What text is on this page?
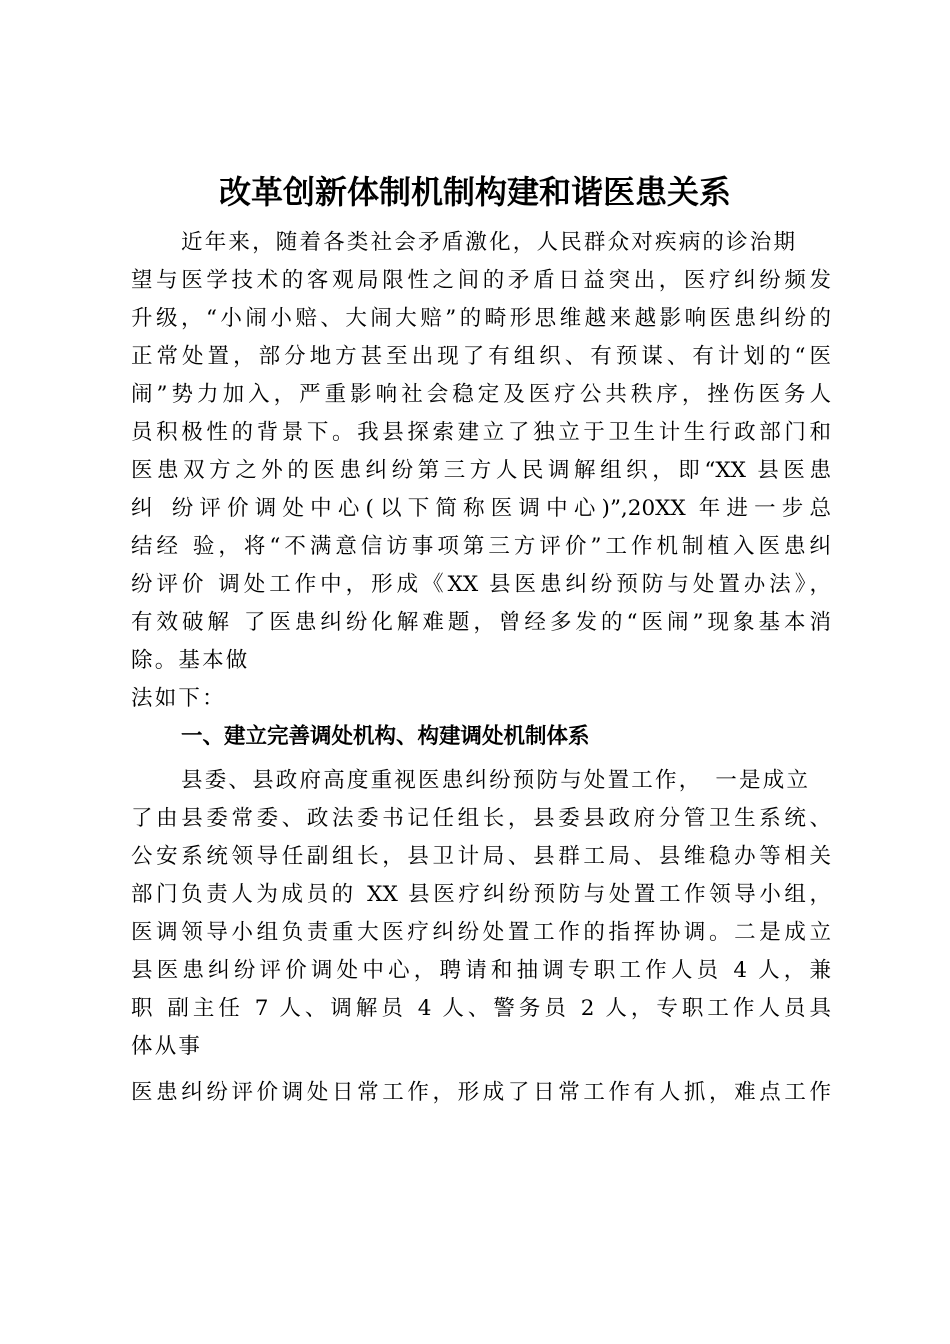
改革创新体制机制构建和谐医患关系

近年来，随着各类社会矛盾激化，人民群众对疾病的诊治期

望与医学技术的客观局限性之间的矛盾日益突出，医疗纠纷频发

升级，“小闹小赔、大闹大赔”的畸形思维越来越影响医患纠纷的

正常处置，部分地方甚至出现了有组织、有预谋、有计划的“医

闹”势力加入，严重影响社会稳定及医疗公共秩序，挫伤医务人

员积极性的背景下。我县探索建立了独立于卫生计生行政部门和

医患双方之外的医患纠纷第三方人民调解组织，即“XX 县医患

纠 纷评价调处中心(以下简称医调中心)”,20XX 年进一步总

结经 验，将“不满意信访事项第三方评价”工作机制植入医患纠

纷评价 调处工作中，形成《XX 县医患纠纷预防与处置办法》，

有效破解 了医患纠纷化解难题，曾经多发的“医闹”现象基本消

除。基本做

法如下：

一、建立完善调处机构、构建调处机制体系

县委、县政府高度重视医患纠纷预防与处置工作，　一是成立

了由县委常委、政法委书记任组长，县委县政府分管卫生系统、

公安系统领导任副组长，县卫计局、县群工局、县维稳办等相关

部门负责人为成员的 XX 县医疗纠纷预防与处置工作领导小组，

医调领导小组负责重大医疗纠纷处置工作的指挥协调。二是成立

县医患纠纷评价调处中心，聘请和抽调专职工作人员 4 人，兼

职 副主任 7 人、调解员 4 人、警务员 2 人，专职工作人员具

体从事

医患纠纷评价调处日常工作，形成了日常工作有人抓，难点工作
